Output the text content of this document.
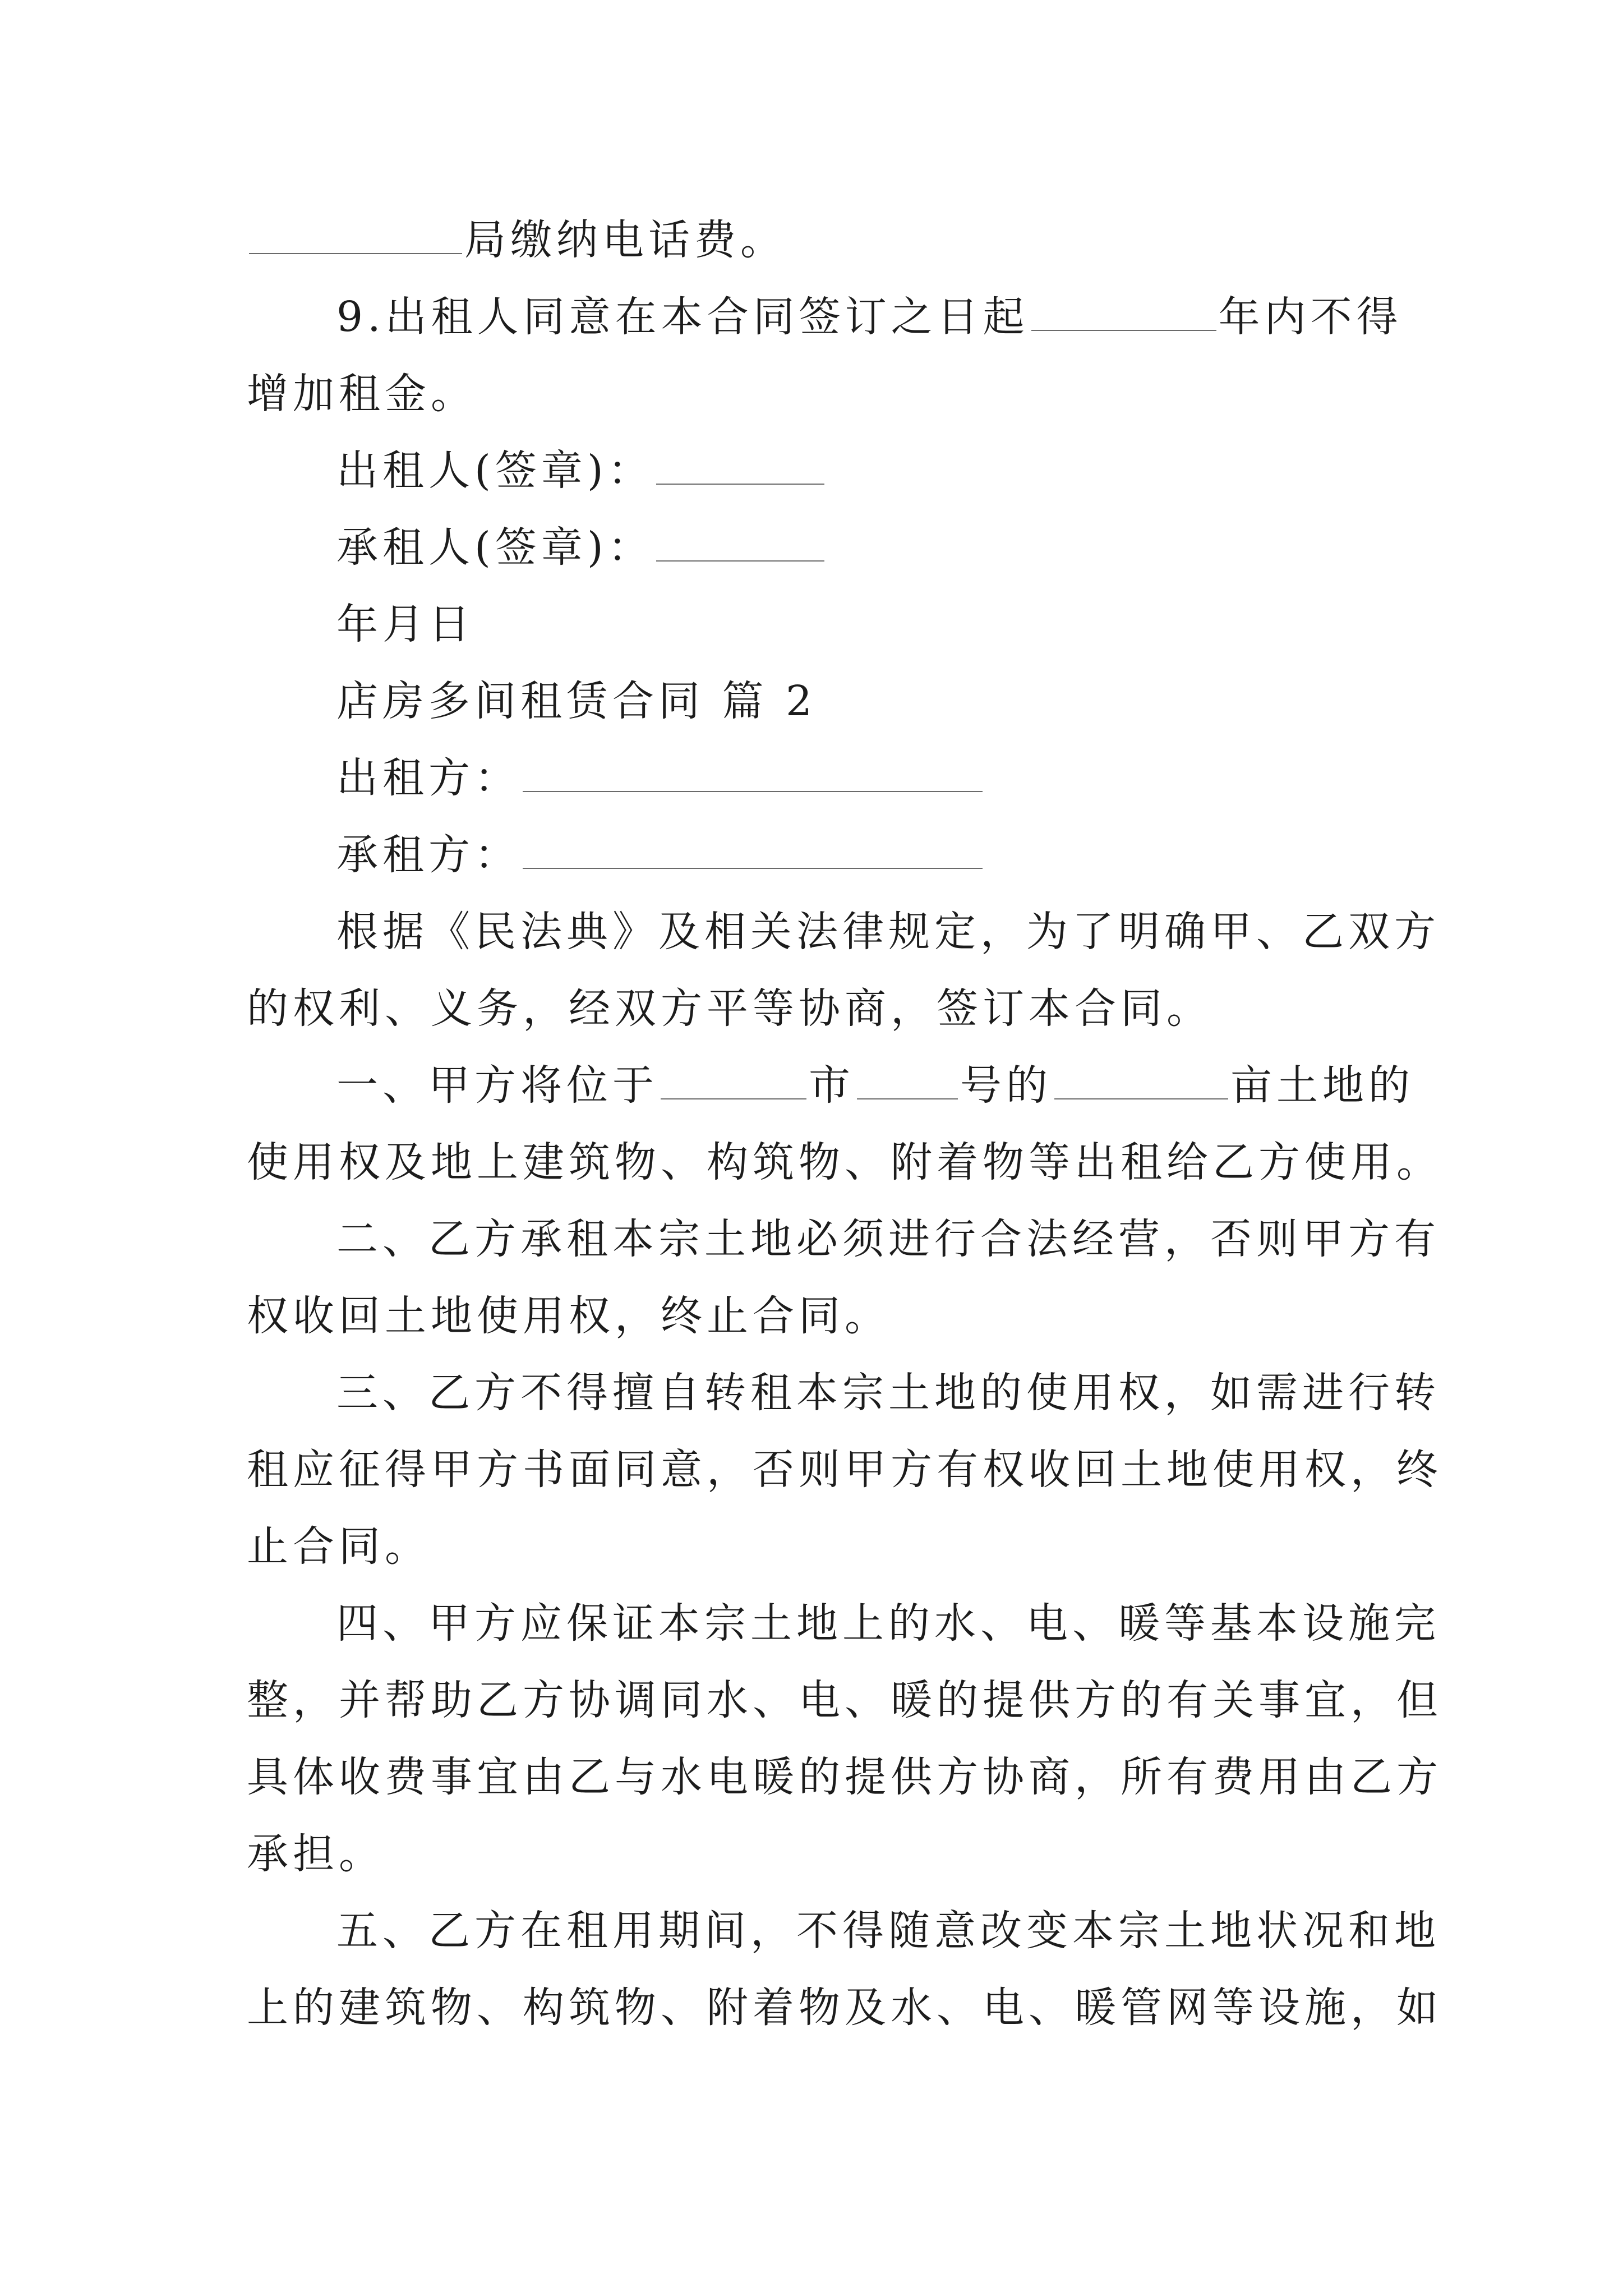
局缴纳电话费。

9.出租人同意在本合同签订之日起	年内不得

增加租金。

出租人(签章)：

承租人(签章)：

年月日

店房多间租赁合同 篇 2

出租方：

承租方：

根据《民法典》及相关法律规定，为了明确甲、乙双方

的权利、义务，经双方平等协商，签订本合同。

一、甲方将位于	市	号的	亩土地的

使用权及地上建筑物、构筑物、附着物等出租给乙方使用。

二、乙方承租本宗土地必须进行合法经营，否则甲方有

权收回土地使用权，终止合同。

三、乙方不得擅自转租本宗土地的使用权，如需进行转

租应征得甲方书面同意，否则甲方有权收回土地使用权，终

止合同。

四、甲方应保证本宗土地上的水、电、暖等基本设施完

整，并帮助乙方协调同水、电、暖的提供方的有关事宜，但

具体收费事宜由乙与水电暖的提供方协商，所有费用由乙方

承担。

五、乙方在租用期间，不得随意改变本宗土地状况和地

上的建筑物、构筑物、附着物及水、电、暖管网等设施，如
